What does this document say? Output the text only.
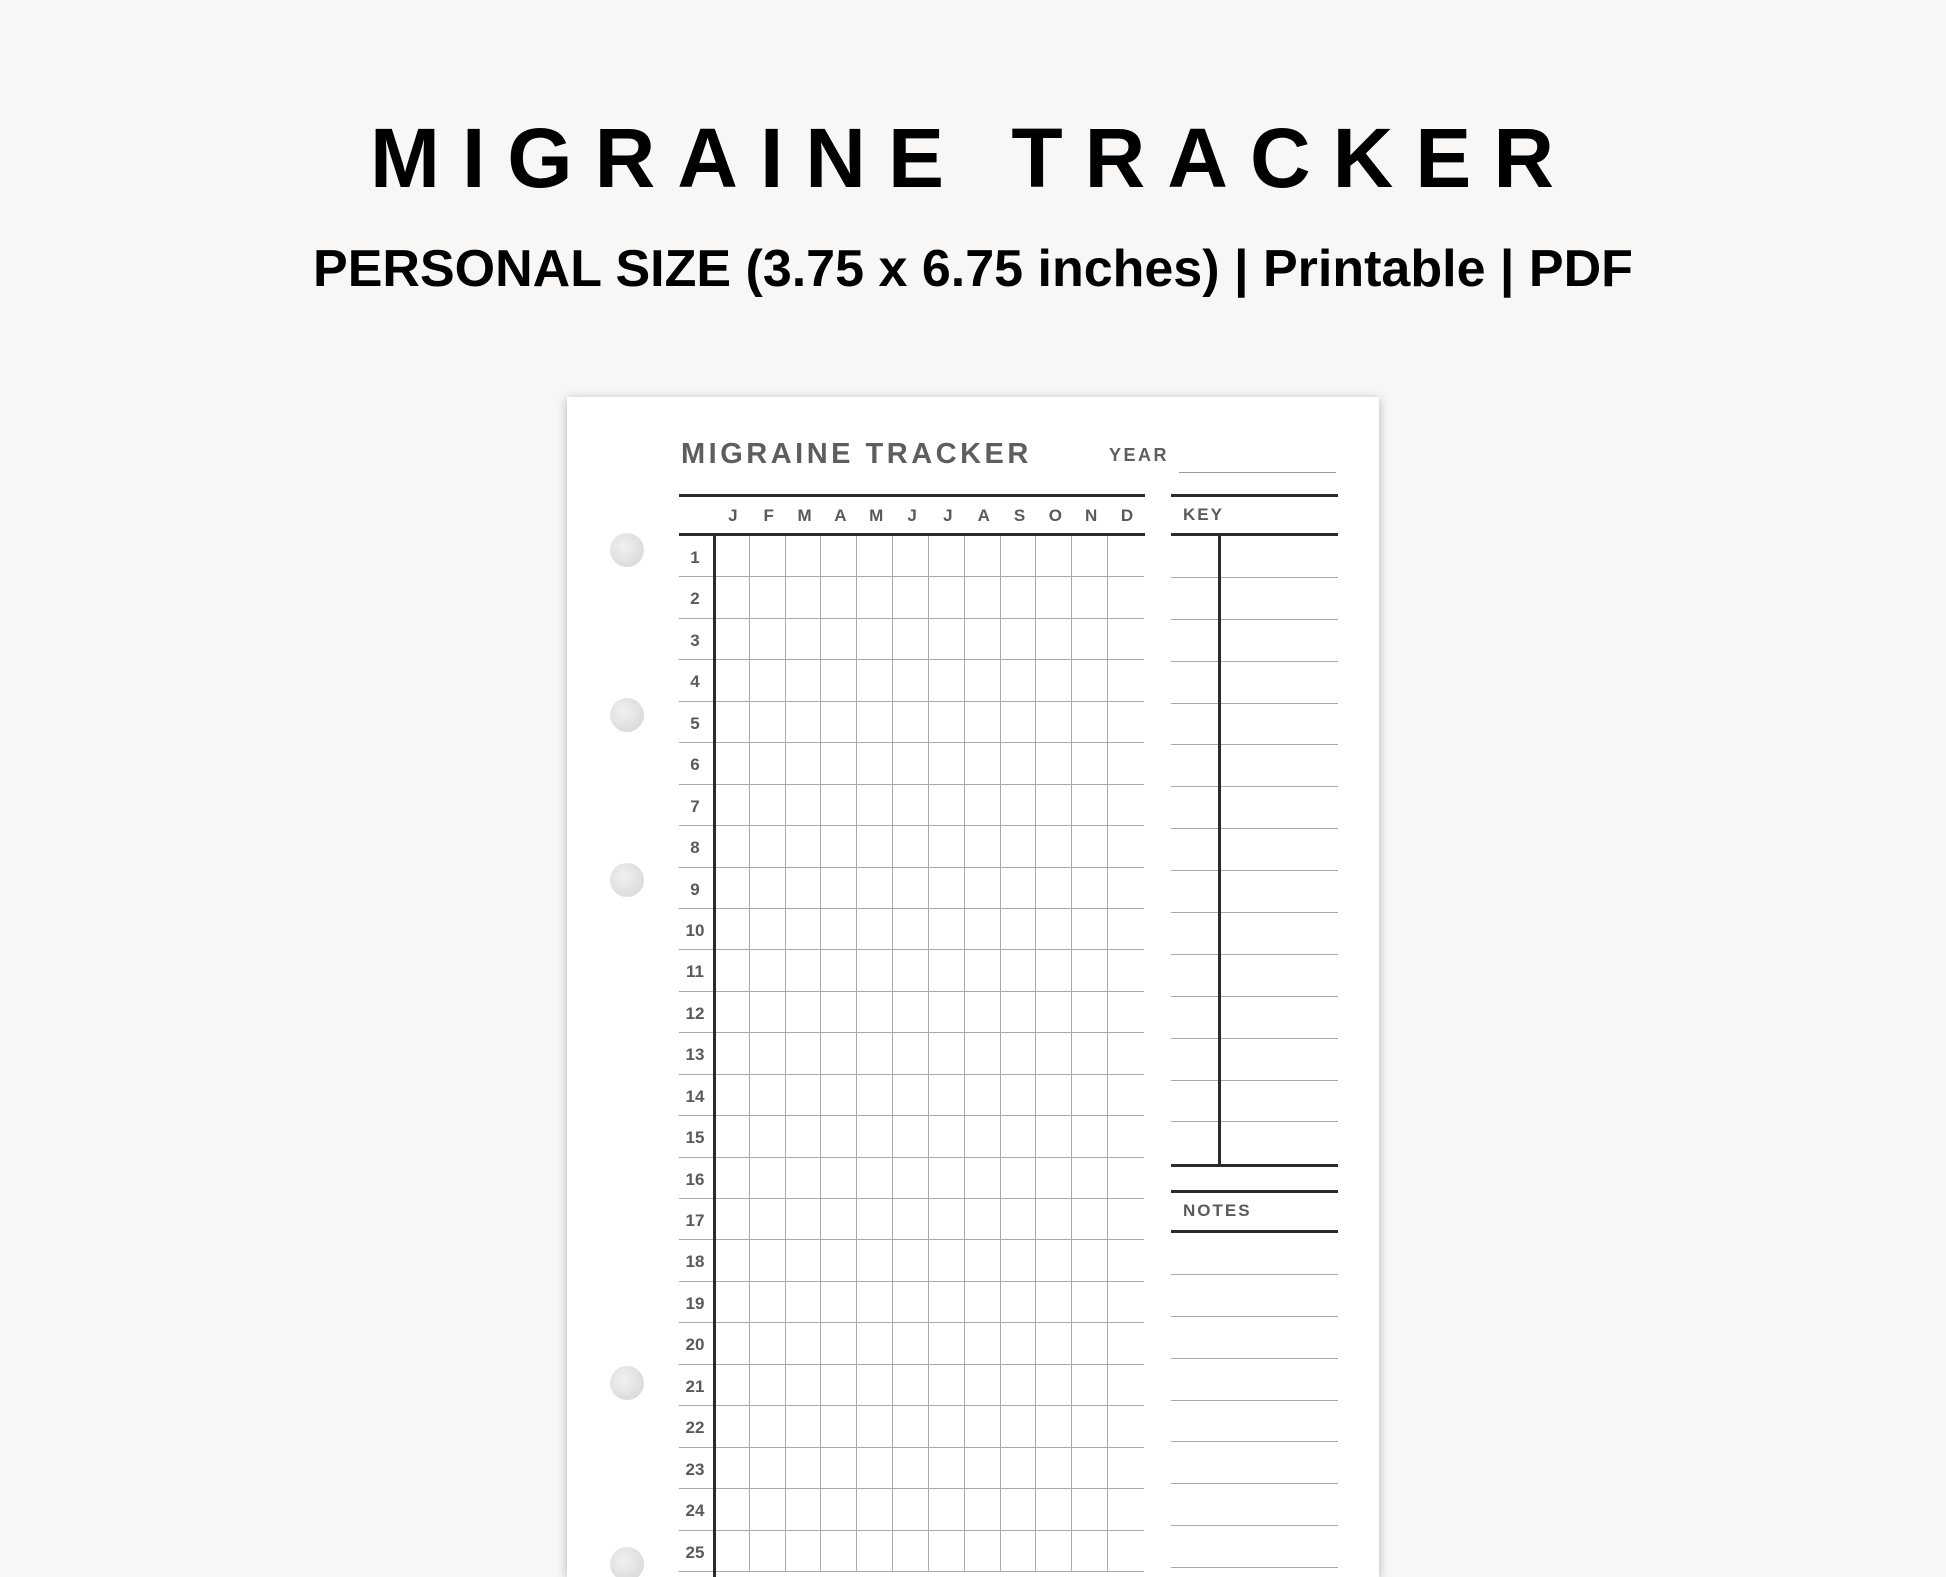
MIGRAINE TRACKER
PERSONAL SIZE (3.75 x 6.75 inches) | Printable | PDF
MIGRAINE TRACKER	YEAR
J	F	M	A	M	J	J	A	S	O	N	D
1
2
3
4
5
6
7
8
9
10
11
12
13
14
15
16
17
18
19
20
21
22
23
24
25
KEY
NOTES
